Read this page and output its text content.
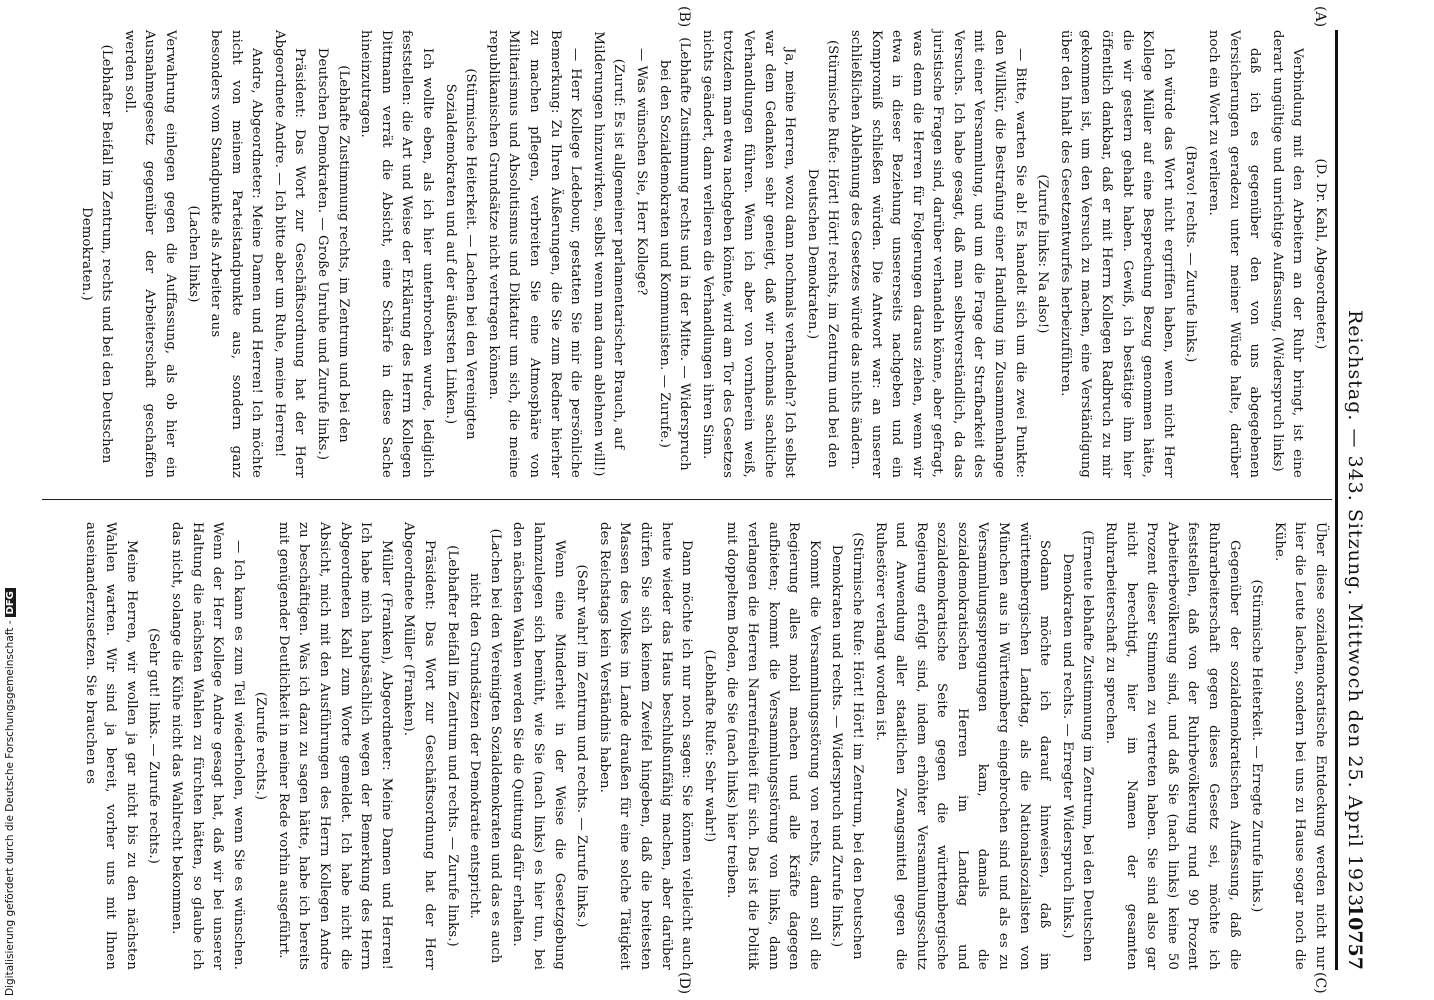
Reichstag. — 343. Sitzung. Mittwoch den 25. April 1923.
10757
(A)
(B)
(C)
(D)

(D. Dr. Kahl, Abgeordneter.)

Verbindung mit den Arbeitern an der Ruhr bringt, ist eine derart ungültige und unrichtige Auffassung, (Widerspruch links)

daß ich es gegenüber den von uns abgegebenen Versicherungen geradezu unter meiner Würde halte, darüber noch ein Wort zu verlieren.

(Bravo! rechts. — Zurufe links.)

Ich würde das Wort nicht ergriffen haben, wenn nicht Herr Kollege Müller auf eine Besprechung Bezug genommen hätte, die wir gestern gehabt haben. Gewiß, ich bestätige ihm hier öffentlich dankbar, daß er mit Herrn Kollegen Radbruch zu mir gekommen ist, um den Versuch zu machen, eine Verständigung über den Inhalt des Gesetzentwurfes herbeizuführen.

(Zurufe links: Na also!)

— Bitte, warten Sie ab! Es handelt sich um die zwei Punkte: den Willkür, die Bestrafung einer Handlung im Zusammenhange mit einer Versammlung, und um die Frage der Strafbarkeit des Versuchs. Ich habe gesagt, daß man selbstverständlich, da das juristische Fragen sind, darüber verhandeln könne, aber gefragt, was denn die Herren für Folgerungen daraus ziehen, wenn wir etwa in dieser Beziehung unsererseits nachgeben und ein Kompromiß schließen würden. Die Antwort war: an unserer schließlichen Ablehnung des Gesetzes würde das nichts ändern.

(Stürmische Rufe: Hört! Hört! rechts, im Zentrum und bei den Deutschen Demokraten.)

Ja, meine Herren, wozu dann nochmals verhandeln? Ich selbst war dem Gedanken sehr geneigt, daß wir nochmals sachliche Verhandlungen führen. Wenn ich aber von vornherein weiß, trotzdem man etwa nachgeben könnte, wird am Tor des Gesetzes nichts geändert, dann verlieren die Verhandlungen ihren Sinn.

(Lebhafte Zustimmung rechts und in der Mitte. — Widerspruch bei den Sozialdemokraten und Kommunisten. — Zurufe.)

— Was wünschen Sie, Herr Kollege?

(Zuruf: Es ist allgemeiner parlamentarischer Brauch, auf Milderungen hinzuwirken, selbst wenn man dann ablehnen will!)

— Herr Kollege Ledebour, gestatten Sie mir die persönliche Bemerkung: Zu Ihren Äußerungen, die Sie zum Redner hierher zu machen pflegen, verbreiten Sie eine Atmosphäre von Militarismus und Absolutismus und Diktatur um sich, die meine republikanischen Grundsätze nicht vertragen können.

(Stürmische Heiterkeit. — Lachen bei den Vereinigten Sozialdemokraten und auf der äußersten Linken.)

Ich wollte eben, als ich hier unterbrochen wurde, lediglich feststellen: die Art und Weise der Erklärung des Herrn Kollegen Dittmann verrät die Absicht, eine Schärfe in diese Sache hineinzutragen.

(Lebhafte Zustimmung rechts, im Zentrum und bei den Deutschen Demokraten. — Große Unruhe und Zurufe links.)

Präsident: Das Wort zur Geschäftsordnung hat der Herr Abgeordnete Andre. — Ich bitte aber um Ruhe, meine Herren!

Andre, Abgeordneter: Meine Damen und Herren! Ich möchte nicht von meinem Parteistandpunkte aus, sondern ganz besonders vom Standpunkte als Arbeiter aus

(Lachen links)

Verwahrung einlegen gegen die Auffassung, als ob hier ein Ausnahmegesetz gegenüber der Arbeiterschaft geschaffen werden soll.

(Lebhafter Beifall im Zentrum, rechts und bei den Deutschen Demokraten.)

Über diese sozialdemokratische Entdeckung werden nicht nur hier die Leute lachen, sondern bei uns zu Hause sogar noch die Kühe.

(Stürmische Heiterkeit. — Erregte Zurufe links.)

Gegenüber der sozialdemokratischen Auffassung, daß die Ruhrarbeiterschaft gegen dieses Gesetz sei, möchte ich feststellen, daß von der Ruhrbevölkerung rund 90 Prozent Arbeiterbevölkerung sind, und daß Sie (nach links) keine 50 Prozent dieser Stimmen zu vertreten haben. Sie sind also gar nicht berechtigt, hier im Namen der gesamten Ruhrarbeiterschaft zu sprechen.

(Erneute lebhafte Zustimmung im Zentrum, bei den Deutschen Demokraten und rechts. — Erregter Widerspruch links.)

Sodann möchte ich darauf hinweisen, daß im württembergischen Landtag, als die Nationalsozialisten von München aus in Württemberg eingebrochen sind und als es zu Versammlungssprengungen kam, damals die sozialdemokratischen Herren im Landtag und sozialdemokratische Seite gegen die württembergische Regierung erfolgt sind, indem erhöhter Versammlungsschutz und Anwendung aller staatlichen Zwangsmittel gegen die Ruhestörer verlangt worden ist.

(Stürmische Rufe: Hört! Hört! im Zentrum, bei den Deutschen Demokraten und rechts. — Widerspruch und Zurufe links.)

Kommt die Versammlungsstörung von rechts, dann soll die Regierung alles mobil machen und alle Kräfte dagegen aufbieten; kommt die Versammlungsstörung von links, dann verlangen die Herren Narrenfreiheit für sich. Das ist die Politik mit doppeltem Boden, die Sie (nach links) hier treiben.

(Lebhafte Rufe: Sehr wahr!)

Dann möchte ich nur noch sagen: Sie können vielleicht auch heute wieder das Haus beschlußunfähig machen, aber darüber dürfen Sie sich keinem Zweifel hingeben, daß die breitesten Massen des Volkes im Lande draußen für eine solche Tätigkeit des Reichstags kein Verständnis haben.

(Sehr wahr! im Zentrum und rechts. — Zurufe links.)

Wenn eine Minderheit in der Weise die Gesetzgebung lahmzulegen sich bemüht, wie Sie (nach links) es hier tun, bei den nächsten Wahlen werden Sie die Quittung dafür erhalten.

(Lachen bei den Vereinigten Sozialdemokraten und das es auch nicht den Grundsätzen der Demokratie entspricht.

(Lebhafter Beifall im Zentrum und rechts. — Zurufe links.)

Präsident: Das Wort zur Geschäftsordnung hat der Herr Abgeordnete Müller (Franken).

Müller (Franken), Abgeordneter: Meine Damen und Herren! Ich habe mich hauptsächlich wegen der Bemerkung des Herrn Abgeordneten Kahl zum Worte gemeldet. Ich habe nicht die Absicht, mich mit den Ausführungen des Herrn Kollegen Andre zu beschäftigen. Was ich dazu zu sagen hätte, habe ich bereits mit genügender Deutlichkeit in meiner Rede vorhin ausgeführt.

(Zurufe rechts.)

— Ich kann es zum Teil wiederholen, wenn Sie es wünschen. Wenn der Herr Kollege Andre gesagt hat, daß wir bei unserer Haltung die nächsten Wahlen zu fürchten hätten, so glaube ich das nicht, solange die Kühe nicht das Wahlrecht bekommen.

(Sehr gut! links. — Zurufe rechts.)

Meine Herren, wir wollen ja gar nicht bis zu den nächsten Wahlen warten. Wir sind ja bereit, vorher uns mit Ihnen auseinanderzusetzen. Sie brauchen es

Digitalisierung gefördert durch die Deutsche Forschungsgemeinschaft -DFG
